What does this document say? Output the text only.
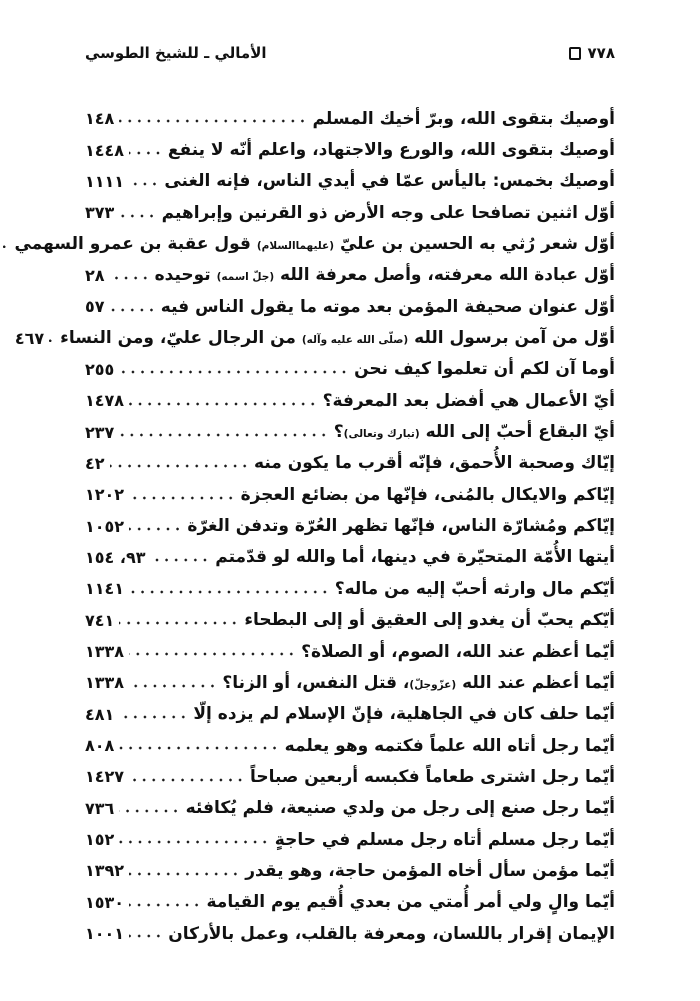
الأمالي ـ للشيخ الطوسي	٧٧٨
أوصيك بتقوى الله، وبرّ أخيك المسلم
١٤٨
أوصيك بتقوى الله، والورع والاجتهاد، واعلم أنّه لا ينفع
١٤٤٨
أوصيك بخمس: باليأس عمّا في أيدي الناس، فإنه الغنى
١١١١
أوّل اثنين تصافحا على وجه الأرض ذو القرنين وإبراهيم
٣٧٣
أوّل شعر رُثي به الحسين بن عليّ (عليهماالسلام) قول عقبة بن عمرو السهمي
أوّل عبادة الله معرفته، وأصل معرفة الله (جلّ اسمه) توحيده
٢٨
أوّل عنوان صحيفة المؤمن بعد موته ما يقول الناس فيه
٥٧
أوّل من آمن برسول الله (صلّى الله عليه وآله) من الرجال عليّ، ومن النساء
٤٦٧
أوما آن لكم أن تعلموا كيف نحن
٢٥٥
أيّ الأعمال هي أفضل بعد المعرفة؟
١٤٧٨
أيّ البقاع أحبّ إلى الله (تبارك وتعالى)؟
٢٣٧
إيّاك وصحبة الأُحمق، فإنّه أقرب ما يكون منه
٤٢
إيّاكم والايكال بالمُنى، فإنّها من بضائع العجزة
١٢٠٢
إيّاكم ومُشارّة الناس، فإنّها تظهر العُرّة وتدفن الغرّة
١٠٥٢
أيتها الأُمّة المتحيّرة في دينها، أما والله لو قدّمتم
٩٣، ١٥٤
أيّكم مال وارثه أحبّ إليه من ماله؟
١١٤١
أيّكم يحبّ أن يغدو إلى العقيق أو إلى البطحاء
٧٤١
أيّما أعظم عند الله، الصوم، أو الصلاة؟
١٣٣٨
أيّما أعظم عند الله (عزّوجلّ)، قتل النفس، أو الزنا؟
١٣٣٨
أيّما حلف كان في الجاهلية، فإنّ الإسلام لم يزده إلّا
٤٨١
أيّما رجل أتاه الله علماً فكتمه وهو يعلمه
٨٠٨
أيّما رجل اشترى طعاماً فكبسه أربعين صباحاً
١٤٢٧
أيّما رجل صنع إلى رجل من ولدي صنيعة، فلم يُكافئه
٧٣٦
أيّما رجل مسلم أتاه رجل مسلم في حاجةٍ
١٥٢
أيّما مؤمن سأل أخاه المؤمن حاجة، وهو يقدر
١٣٩٢
أيّما والٍ ولي أمر أُمتي من بعدي أُقيم يوم القيامة
١٥٣٠
الإيمان إقرار باللسان، ومعرفة بالقلب، وعمل بالأركان
١٠٠١
